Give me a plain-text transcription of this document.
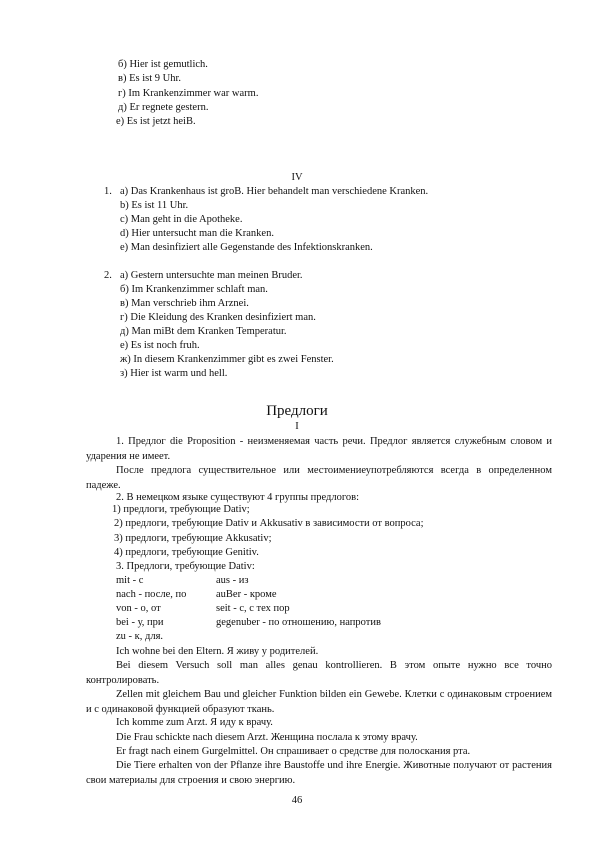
б) Hier ist gemutlich.
в) Es ist 9 Uhr.
г) Im Krankenzimmer war warm.
д) Er regnete gestern.
е) Es ist jetzt heiB.
IV
1. а) Das Krankenhaus ist groB. Hier behandelt man verschiedene Kranken.
b) Es ist 11 Uhr.
c) Man geht in die Apotheke.
d) Hier untersucht man die Kranken.
e) Man desinfiziert alle Gegenstande des Infektionskranken.
2. а) Gestern untersuchte man meinen Bruder.
б) Im Krankenzimmer schlaft man.
в) Man verschrieb ihm Arznei.
г) Die Kleidung des Kranken desinfiziert man.
д) Man miBt dem Kranken Temperatur.
е) Es ist noch fruh.
ж) In diesem Krankenzimmer gibt es zwei Fenster.
з) Hier ist warm und hell.
Предлоги
I
1. Предлог die Proposition - неизменяемая часть речи. Предлог является служебным словом и ударения не имеет.
После предлога существительное или местоимениеупотребляются всегда в определенном падеже.
2. В немецком языке существуют 4 группы предлогов:
1) предлоги, требующие Dativ;
2) предлоги, требующие Dativ и Akkusativ в зависимости от вопроса;
3) предлоги, требующие Akkusativ;
4) предлоги, требующие Genitiv.
3. Предлоги, требующие Dativ:
mit - с	aus - из
nach - после, по	auBer - кроме
von - о, от	seit - с, с тех пор
bei - у, при	gegenuber - по отношению, напротив
zu - к, для.
Ich wohne bei den Eltern. Я живу у родителей.
Bei diesem Versuch soll man alles genau kontrollieren. В этом опыте нужно все точно контролировать.
Zellen mit gleichem Bau und gleicher Funktion bilden ein Gewebe. Клетки с одинаковым строением и с одинаковой функцией образуют ткань.
Ich komme zum Arzt. Я иду к врачу.
Die Frau schickte nach diesem Arzt. Женщина послала к этому врачу.
Er fragt nach einem Gurgelmittel. Он спрашивает о средстве для полоскания рта.
Die Tiere erhalten von der Pflanze ihre Baustoffe und ihre Energie. Животные получают от растения свои материалы для строения и свою энергию.
46
